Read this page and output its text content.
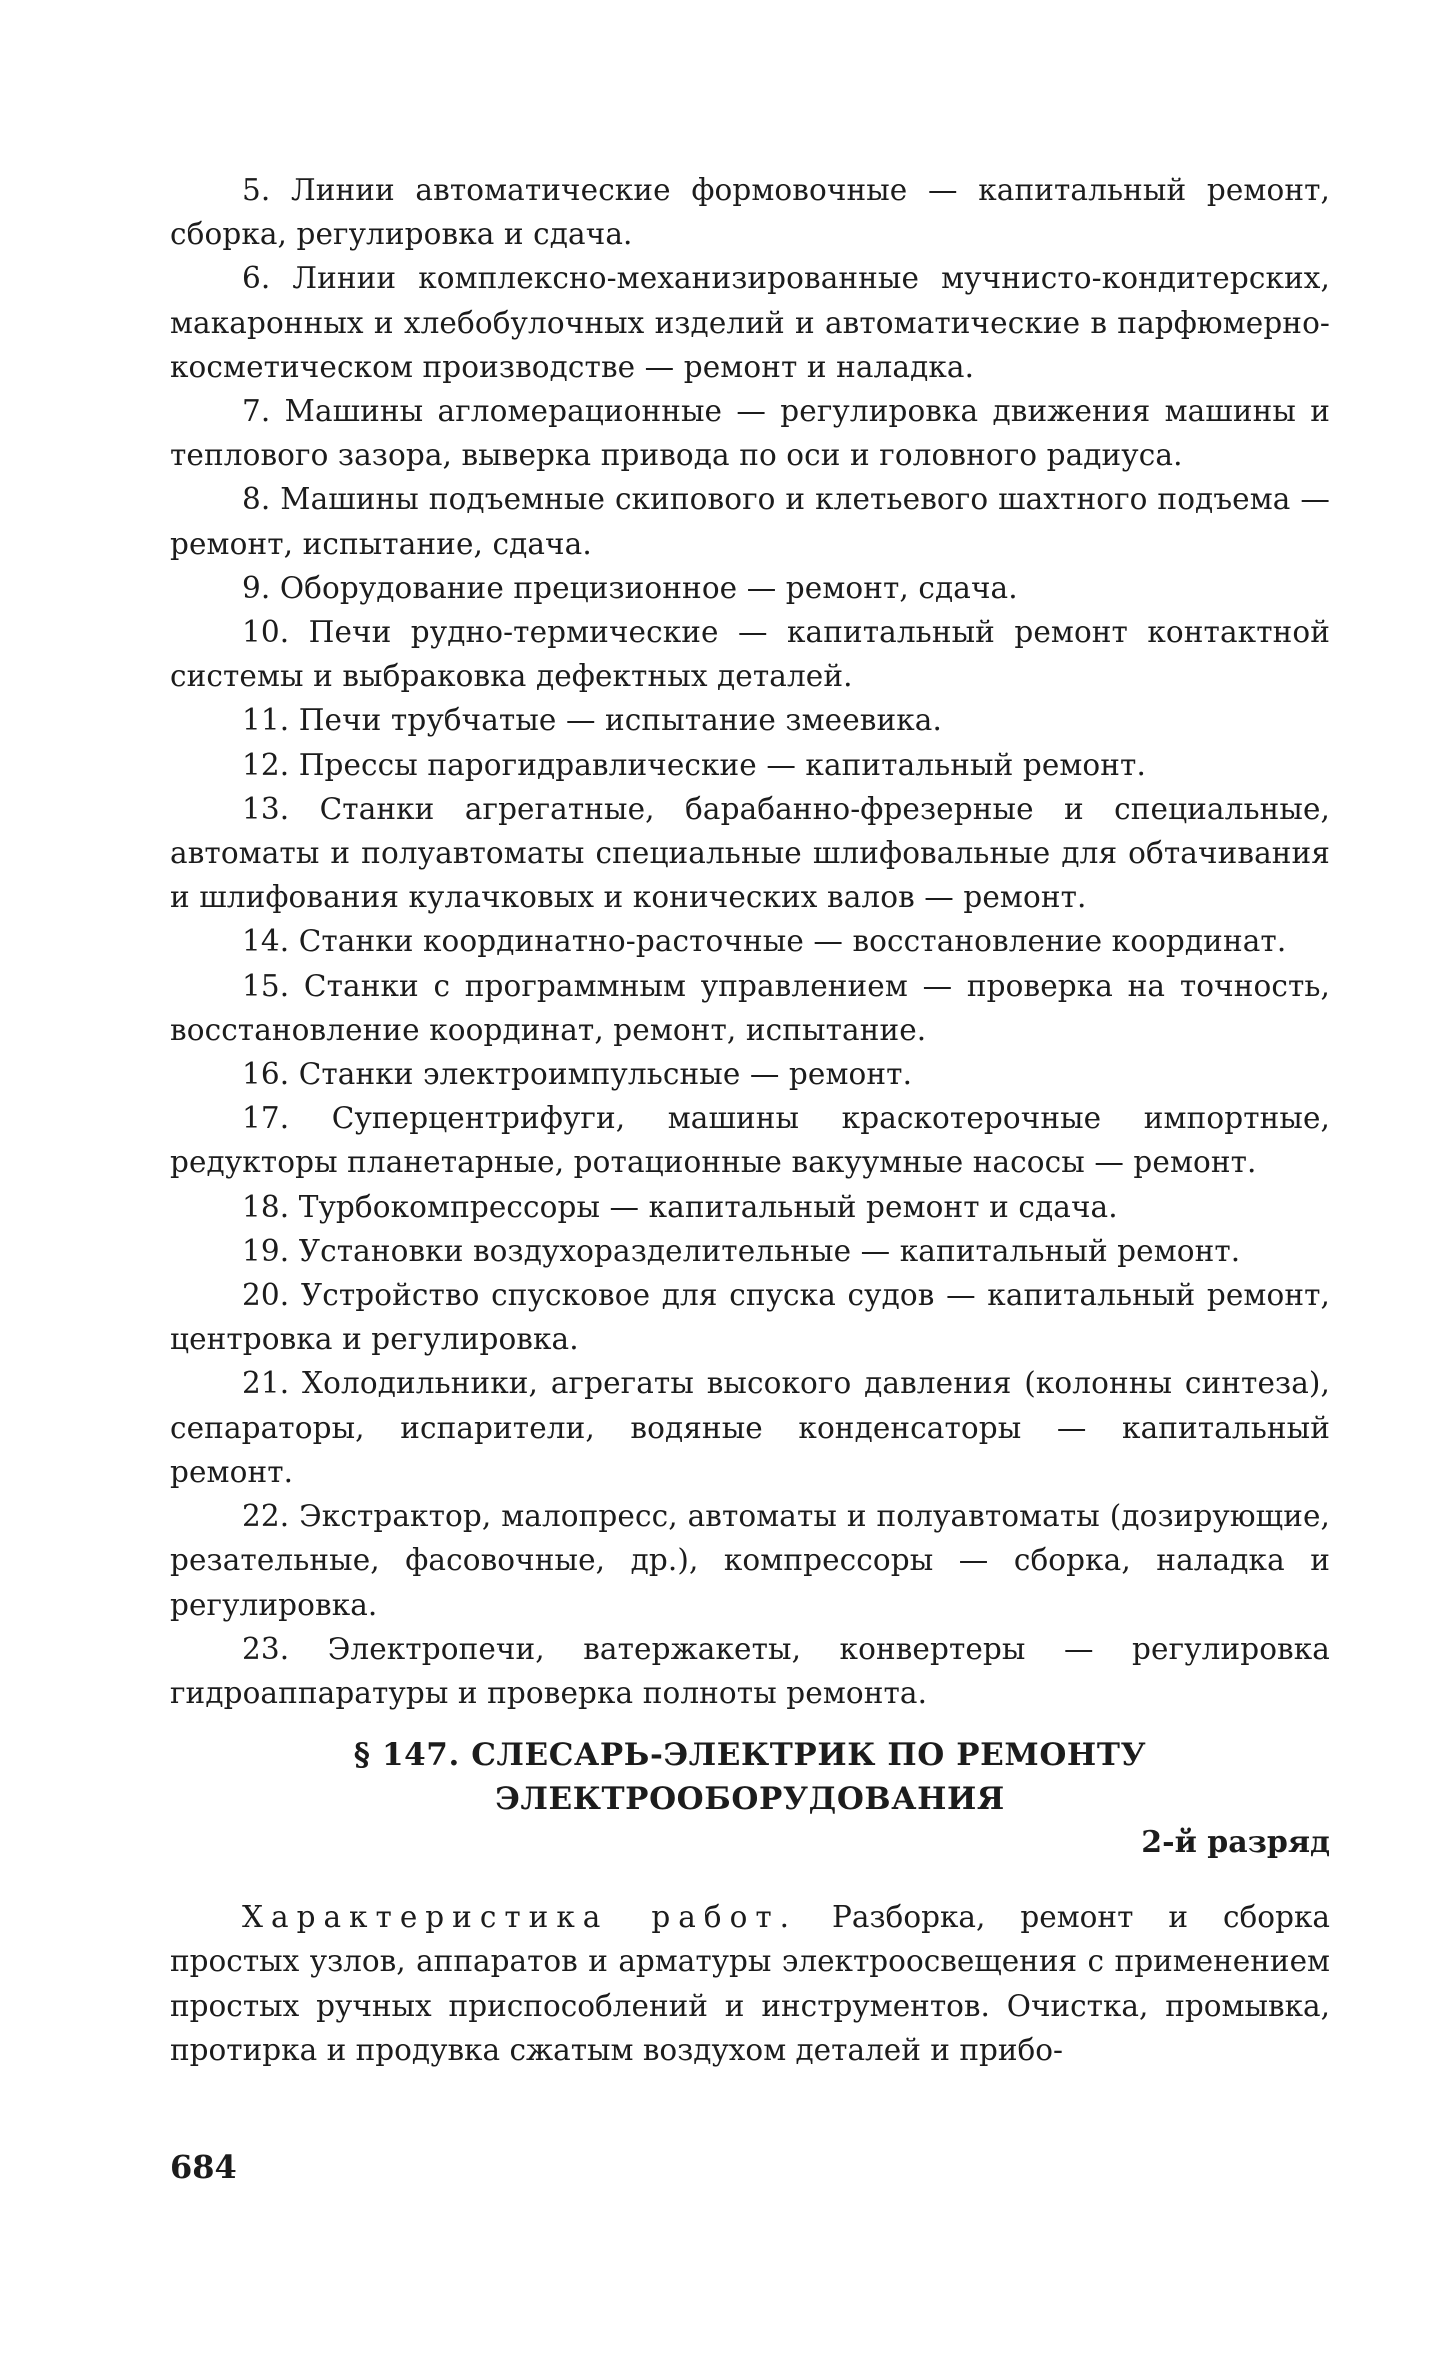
5. Линии автоматические формовочные — капитальный ремонт, сборка, регулировка и сдача.

6. Линии комплексно-механизированные мучнисто-кондитерских, макаронных и хлебобулочных изделий и автоматические в парфюмерно-косметическом производстве — ремонт и наладка.

7. Машины агломерационные — регулировка движения машины и теплового зазора, выверка привода по оси и головного радиуса.

8. Машины подъемные скипового и клетьевого шахтного подъема — ремонт, испытание, сдача.

9. Оборудование прецизионное — ремонт, сдача.

10. Печи рудно-термические — капитальный ремонт контактной системы и выбраковка дефектных деталей.

11. Печи трубчатые — испытание змеевика.

12. Прессы парогидравлические — капитальный ремонт.

13. Станки агрегатные, барабанно-фрезерные и специальные, автоматы и полуавтоматы специальные шлифовальные для обтачивания и шлифования кулачковых и конических валов — ремонт.

14. Станки координатно-расточные — восстановление координат.

15. Станки с программным управлением — проверка на точность, восстановление координат, ремонт, испытание.

16. Станки электроимпульсные — ремонт.

17. Суперцентрифуги, машины краскотерочные импортные, редукторы планетарные, ротационные вакуумные насосы — ремонт.

18. Турбокомпрессоры — капитальный ремонт и сдача.

19. Установки воздухоразделительные — капитальный ремонт.

20. Устройство спусковое для спуска судов — капитальный ремонт, центровка и регулировка.

21. Холодильники, агрегаты высокого давления (колонны синтеза), сепараторы, испарители, водяные конденсаторы — капитальный ремонт.

22. Экстрактор, малопресс, автоматы и полуавтоматы (дозирующие, резательные, фасовочные, др.), компрессоры — сборка, наладка и регулировка.

23. Электропечи, ватержакеты, конвертеры — регулировка гидроаппаратуры и проверка полноты ремонта.

§ 147. СЛЕСАРЬ-ЭЛЕКТРИК ПО РЕМОНТУ
ЭЛЕКТРООБОРУДОВАНИЯ

2-й разряд

Характеристика работ. Разборка, ремонт и сборка простых узлов, аппаратов и арматуры электроосвещения с применением простых ручных приспособлений и инструментов. Очистка, промывка, протирка и продувка сжатым воздухом деталей и прибо-

684
